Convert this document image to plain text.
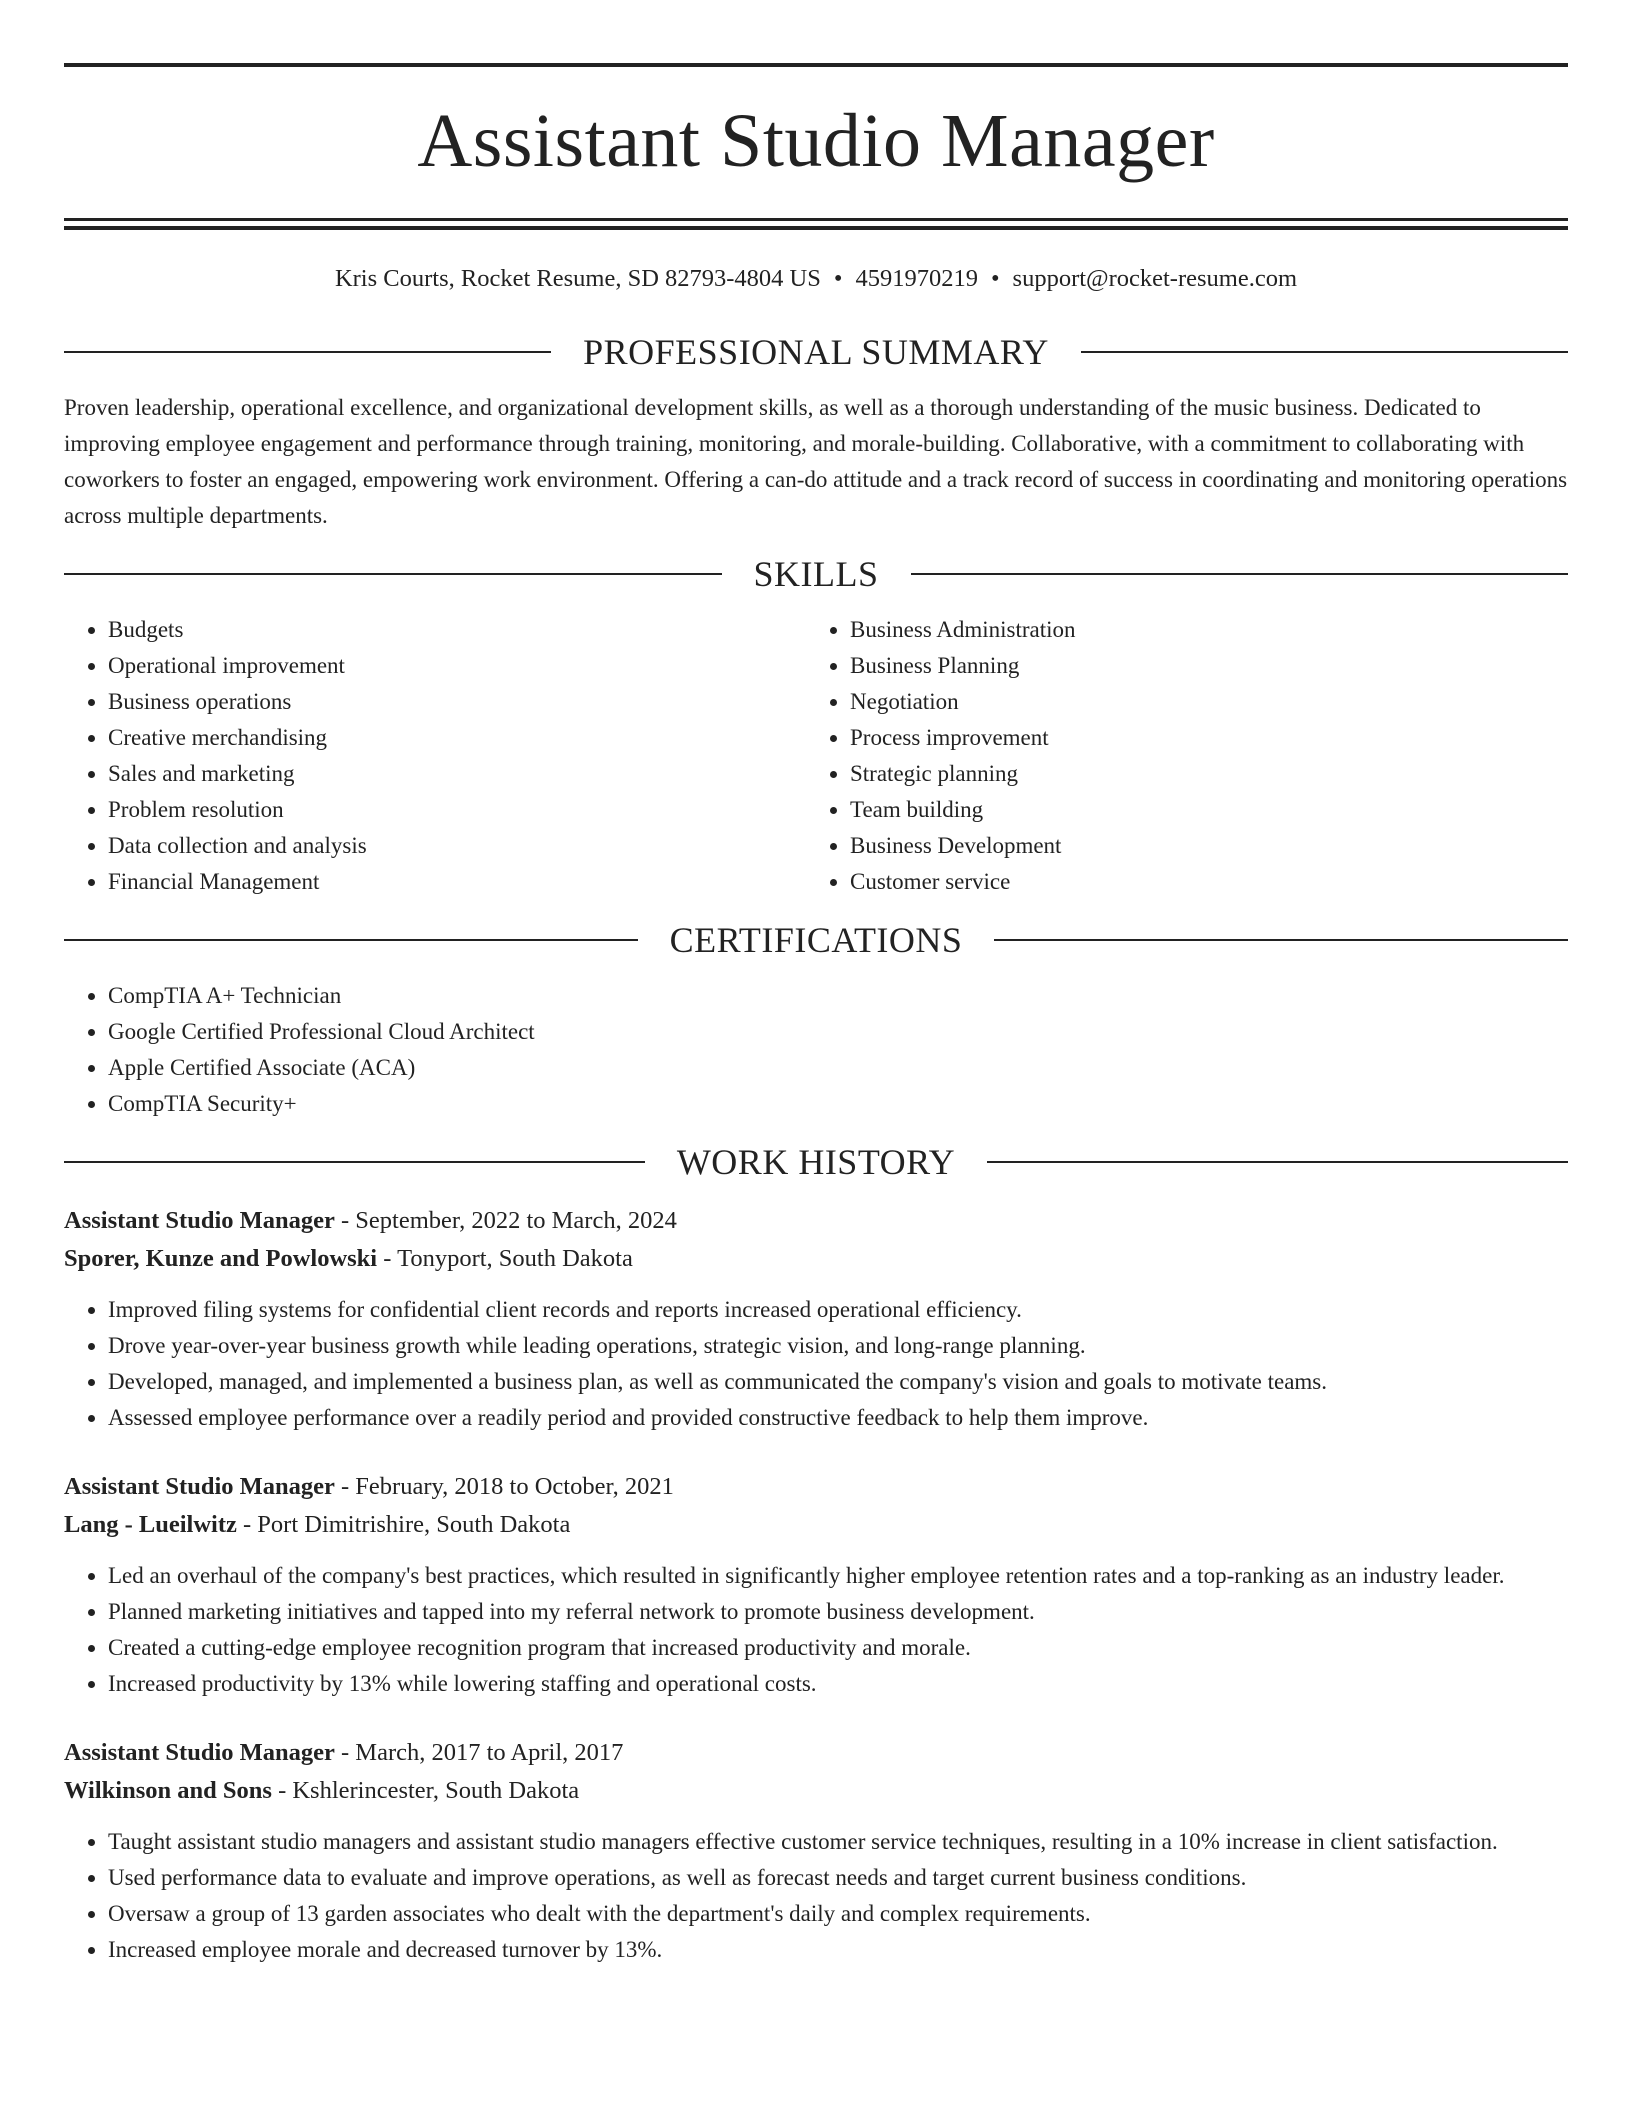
Assistant Studio Manager
Kris Courts, Rocket Resume, SD 82793-4804 US • 4591970219 • support@rocket-resume.com
PROFESSIONAL SUMMARY

Proven leadership, operational excellence, and organizational development skills, as well as a thorough understanding of the music business. Dedicated to improving employee engagement and performance through training, monitoring, and morale-building. Collaborative, with a commitment to collaborating with coworkers to foster an engaged, empowering work environment. Offering a can-do attitude and a track record of success in coordinating and monitoring operations across multiple departments.

SKILLS
• Budgets
• Operational improvement
• Business operations
• Creative merchandising
• Sales and marketing
• Problem resolution
• Data collection and analysis
• Financial Management
• Business Administration
• Business Planning
• Negotiation
• Process improvement
• Strategic planning
• Team building
• Business Development
• Customer service
CERTIFICATIONS
• CompTIA A+ Technician
• Google Certified Professional Cloud Architect
• Apple Certified Associate (ACA)
• CompTIA Security+
WORK HISTORY
Assistant Studio Manager - September, 2022 to March, 2024
Sporer, Kunze and Powlowski - Tonyport, South Dakota
• Improved filing systems for confidential client records and reports increased operational efficiency.
• Drove year-over-year business growth while leading operations, strategic vision, and long-range planning.
• Developed, managed, and implemented a business plan, as well as communicated the company's vision and goals to motivate teams.
• Assessed employee performance over a readily period and provided constructive feedback to help them improve.
Assistant Studio Manager - February, 2018 to October, 2021
Lang - Lueilwitz - Port Dimitrishire, South Dakota
• Led an overhaul of the company's best practices, which resulted in significantly higher employee retention rates and a top-ranking as an industry leader.
• Planned marketing initiatives and tapped into my referral network to promote business development.
• Created a cutting-edge employee recognition program that increased productivity and morale.
• Increased productivity by 13% while lowering staffing and operational costs.
Assistant Studio Manager - March, 2017 to April, 2017
Wilkinson and Sons - Kshlerincester, South Dakota
• Taught assistant studio managers and assistant studio managers effective customer service techniques, resulting in a 10% increase in client satisfaction.
• Used performance data to evaluate and improve operations, as well as forecast needs and target current business conditions.
• Oversaw a group of 13 garden associates who dealt with the department's daily and complex requirements.
• Increased employee morale and decreased turnover by 13%.
